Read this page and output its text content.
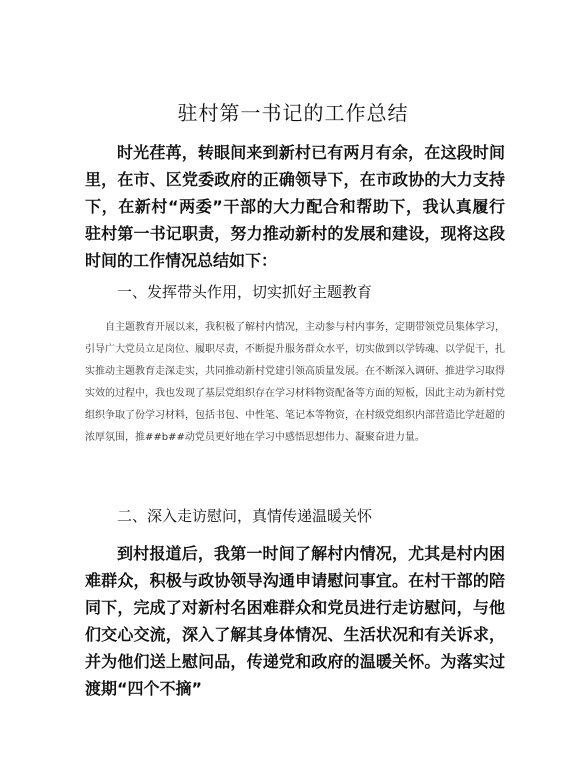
驻村第一书记的工作总结

时光荏苒，转眼间来到新村已有两月有余，在这段时间里，在市、区党委政府的正确领导下，在市政协的大力支持下，在新村“两委”干部的大力配合和帮助下，我认真履行驻村第一书记职责，努力推动新村的发展和建设，现将这段时间的工作情况总结如下：

一、发挥带头作用，切实抓好主题教育

自主题教育开展以来，我积极了解村内情况，主动参与村内事务，定期带领党员集体学习，引导广大党员立足岗位、履职尽责，不断提升服务群众水平，切实做到以学铸魂、以学促干，扎实推动主题教育走深走实，共同推动新村党建引领高质量发展。在不断深入调研、推进学习取得实效的过程中，我也发现了基层党组织存在学习材料物资配备等方面的短板，因此主动为新村党组织争取了份学习材料，包括书包、中性笔、笔记本等物资，在村级党组织内部营造比学赶超的浓厚氛围，推##b##动党员更好地在学习中感悟思想伟力、凝聚奋进力量。

二、深入走访慰问，真情传递温暖关怀

到村报道后，我第一时间了解村内情况，尤其是村内困难群众，积极与政协领导沟通申请慰问事宜。在村干部的陪同下，完成了对新村名困难群众和党员进行走访慰问，与他们交心交流，深入了解其身体情况、生活状况和有关诉求，并为他们送上慰问品，传递党和政府的温暖关怀。为落实过渡期“四个不摘”
